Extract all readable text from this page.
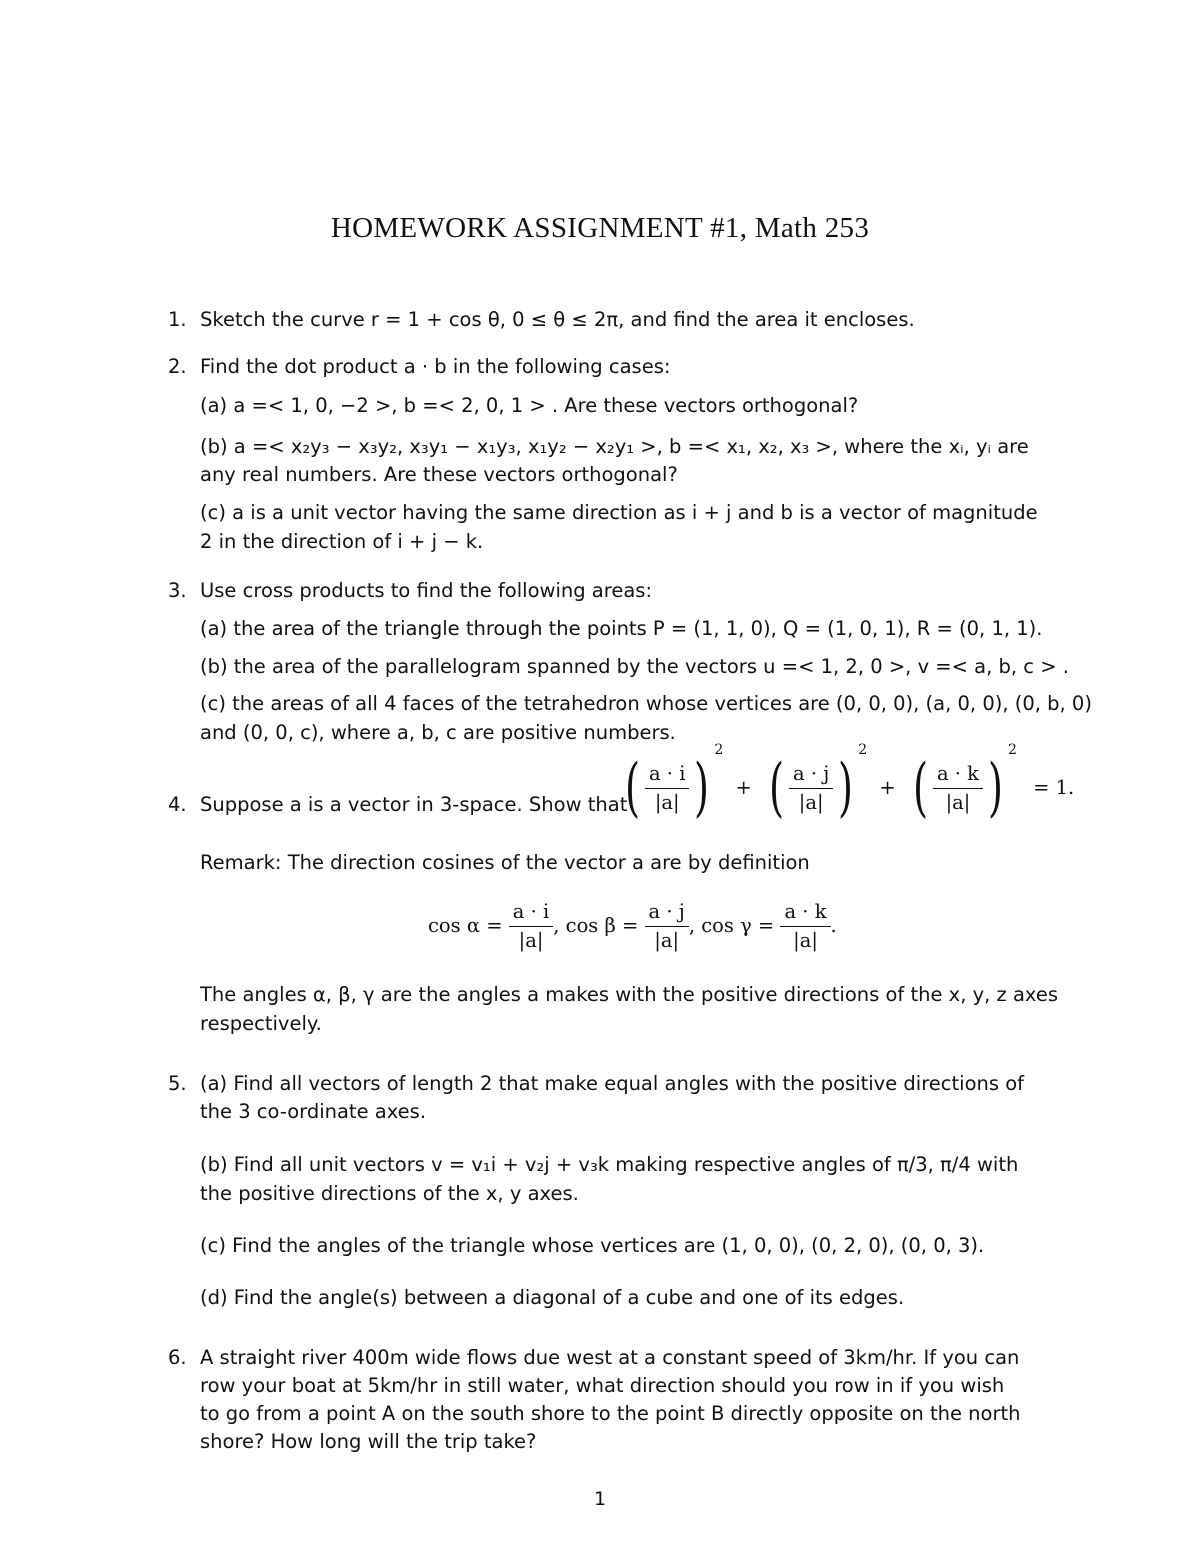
HOMEWORK ASSIGNMENT #1, Math 253
1. Sketch the curve r = 1 + cos θ, 0 ≤ θ ≤ 2π, and find the area it encloses.
2. Find the dot product a · b in the following cases:
(a) a =< 1, 0, −2 >, b =< 2, 0, 1 > . Are these vectors orthogonal?
(b) a =< x₂y₃ − x₃y₂, x₃y₁ − x₁y₃, x₁y₂ − x₂y₁ >, b =< x₁, x₂, x₃ >, where the xᵢ, yᵢ are
any real numbers. Are these vectors orthogonal?
(c) a is a unit vector having the same direction as i + j and b is a vector of magnitude
2 in the direction of i + j − k.
3. Use cross products to find the following areas:
(a) the area of the triangle through the points P = (1, 1, 0), Q = (1, 0, 1), R = (0, 1, 1).
(b) the area of the parallelogram spanned by the vectors u =< 1, 2, 0 >, v =< a, b, c > .
(c) the areas of all 4 faces of the tetrahedron whose vertices are (0, 0, 0), (a, 0, 0), (0, b, 0)
and (0, 0, c), where a, b, c are positive numbers.
4. Suppose a is a vector in 3-space. Show that
( $\frac{a \cdot i}{|a|} )2$ + ( $\frac{a \cdot j}{|a|} )2$ + ( $\frac{a \cdot k}{|a|} )2 = 1$.
Remark: The direction cosines of the vector a are by definition
$\cos \alpha = \frac{a \cdot i}{|a|}$ , $\cos \beta = \frac{a \cdot j}{|a|}$ , $\cos \gamma = \frac{a \cdot k}{|a|}$ .
The angles α, β, γ are the angles a makes with the positive directions of the x, y, z axes
respectively.
5. (a) Find all vectors of length 2 that make equal angles with the positive directions of
the 3 co-ordinate axes.
(b) Find all unit vectors v = v₁i + v₂j + v₃k making respective angles of π/3, π/4 with
the positive directions of the x, y axes.
(c) Find the angles of the triangle whose vertices are (1, 0, 0), (0, 2, 0), (0, 0, 3).
(d) Find the angle(s) between a diagonal of a cube and one of its edges.
6. A straight river 400m wide flows due west at a constant speed of 3km/hr. If you can
row your boat at 5km/hr in still water, what direction should you row in if you wish
to go from a point A on the south shore to the point B directly opposite on the north
shore? How long will the trip take?
1
